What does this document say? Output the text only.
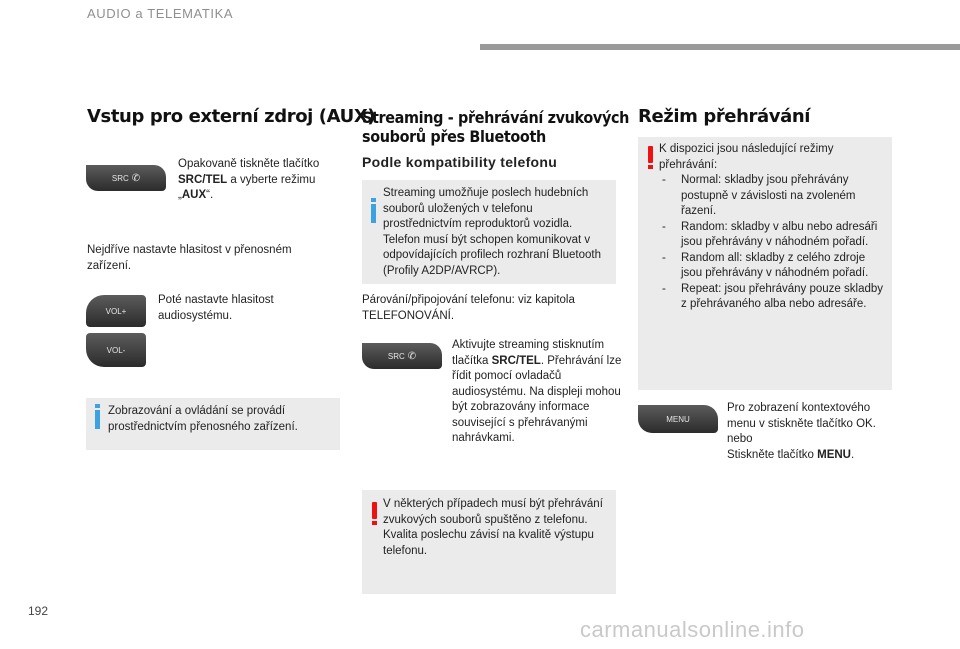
AUDIO a TELEMATIKA
Vstup pro externí zdroj (AUX)
SRC ✆
Opakovaně tiskněte tlačítko SRC/TEL a vyberte režimu „AUX“.
Nejdříve nastavte hlasitost v přenosném zařízení.
VOL+
VOL-
Poté nastavte hlasitost audiosystému.
Zobrazování a ovládání se provádí prostřednictvím přenosného zařízení.
Streaming - přehrávání zvukových
souborů přes Bluetooth
Podle kompatibility telefonu
Streaming umožňuje poslech hudebních souborů uložených v telefonu prostřednictvím reproduktorů vozidla. Telefon musí být schopen komunikovat v odpovídajících profilech rozhraní Bluetooth (Profily A2DP/AVRCP).
Párování/připojování telefonu: viz kapitola TELEFONOVÁNÍ.
SRC ✆
Aktivujte streaming stisknutím tlačítka SRC/TEL. Přehrávání lze řídit pomocí ovladačů audiosystému. Na displeji mohou být zobrazovány informace související s přehrávanými nahrávkami.
V některých případech musí být přehrávání zvukových souborů spuštěno z telefonu. Kvalita poslechu závisí na kvalitě výstupu telefonu.
Režim přehrávání
K dispozici jsou následující režimy přehrávání:
- Normal: skladby jsou přehrávány postupně v závislosti na zvoleném řazení.
- Random: skladby v albu nebo adresáři jsou přehrávány v náhodném pořadí.
- Random all: skladby z celého zdroje jsou přehrávány v náhodném pořadí.
- Repeat: jsou přehrávány pouze skladby z přehrávaného alba nebo adresáře.
MENU
Pro zobrazení kontextového menu v stiskněte tlačítko OK.
nebo
Stiskněte tlačítko MENU.
192
carmanualsonline.info
